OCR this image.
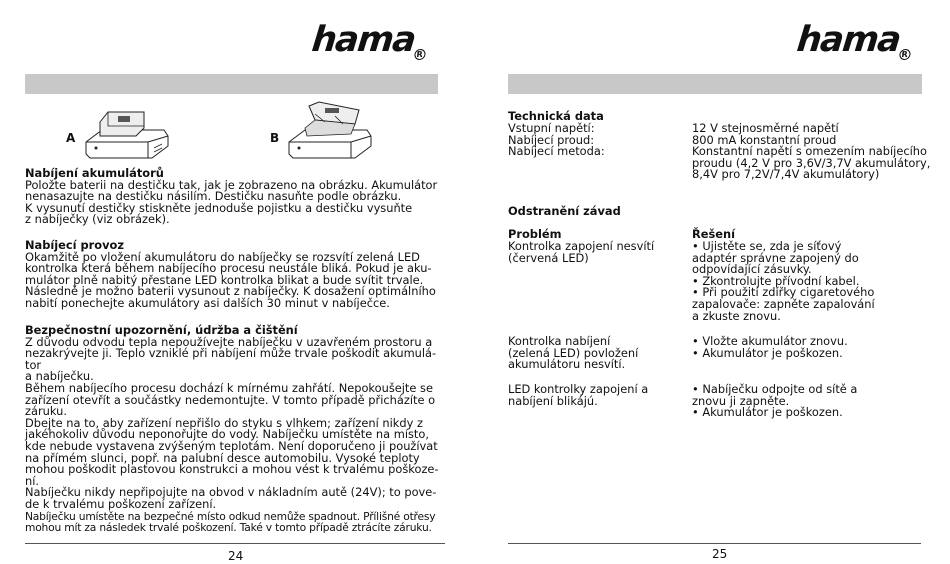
hamaR
A	B
Nabíjení akumulátorů
Položte baterii na destičku tak, jak je zobrazeno na obrázku. Akumulátor
nenasazujte na destičku násilím. Destičku nasuňte podle obrázku.
K vysunutí destičky stiskněte jednoduše pojistku a destičku vysuňte
z nabíječky (viz obrázek).
Nabíjecí provoz
Okamžitě po vložení akumulátoru do nabíječky se rozsvítí zelená LED
kontrolka která během nabíjecího procesu neustále bliká. Pokud je aku-
mulátor plně nabitý přestane LED kontrolka blikat a bude svítit trvale.
Následně je možno baterii vysunout z nabíječky. K dosažení optimálního
nabití ponechejte akumulátory asi dalších 30 minut v nabíječce.
Bezpečnostní upozornění, údržba a čištění
Z důvodu odvodu tepla nepoužívejte nabíječku v uzavřeném prostoru a
nezakrývejte ji. Teplo vzniklé při nabíjení může trvale poškodit akumulá-
tor
a nabíječku.
Během nabíjecího procesu dochází k mírnému zahřátí. Nepokoušejte se
zařízení otevřít a součástky nedemontujte. V tomto případě přicházíte o
záruku.
Dbejte na to, aby zařízení nepřišlo do styku s vlhkem; zařízení nikdy z
jakéhokoliv důvodu neponořujte do vody. Nabíječku umístěte na místo,
kde nebude vystavena zvýšeným teplotám. Není doporučeno ji používat
na přímém slunci, popř. na palubní desce automobilu. Vysoké teploty
mohou poškodit plastovou konstrukci a mohou vést k trvalému poškoze-
ní.
Nabíječku nikdy nepřipojujte na obvod v nákladním autě (24V); to pove-
de k trvalému poškození zařízení.
Nabíječku umístěte na bezpečné místo odkud nemůže spadnout. Přílišné otřesy
mohou mít za následek trvalé poškození. Také v tomto případě ztrácíte záruku.
24
hamaR
Technická data
Vstupní napětí:
Nabíjecí proud:
Nabíjecí metoda:
12 V stejnosměrné napětí
800 mA konstantní proud
Konstantní napětí s omezením nabíjecího
proudu (4,2 V pro 3,6V/3,7V akumulátory,
8,4V pro 7,2V/7,4V akumulátory)
Odstranění závad
Problém	Řešení
Kontrolka zapojení nesvítí
(červená LED)
• Ujistěte se, zda je síťový
adaptér správne zapojený do
odpovídající zásuvky.
• Zkontrolujte přívodní kabel.
• Při použití zdířky cigaretového
zapalovače: zapněte zapalování
a zkuste znovu.
Kontrolka nabíjení
(zelená LED) povložení
akumulátoru nesvítí.
• Vložte akumulátor znovu.
• Akumulátor je poškozen.
LED kontrolky zapojení a
nabíjení blikájú.
• Nabíječku odpojte od sítě a
znovu ji zapněte.
• Akumulátor je poškozen.
25
